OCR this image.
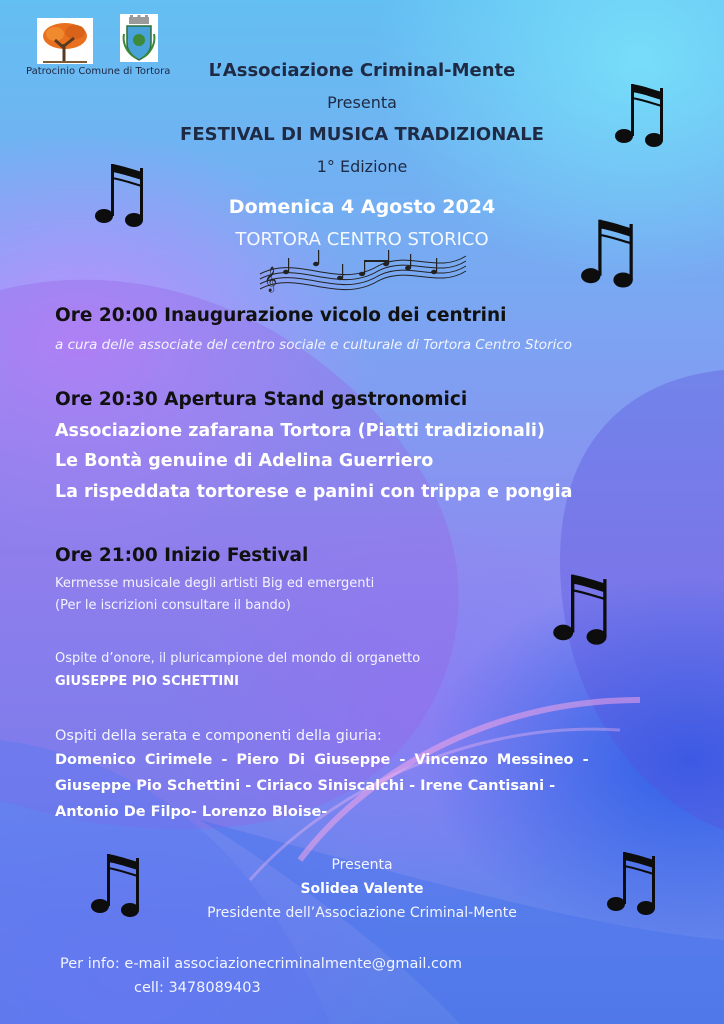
Patrocinio Comune di Tortora	L’Associazione Criminal-Mente

Presenta

FESTIVAL DI MUSICA TRADIZIONALE

1° Edizione

Domenica 4 Agosto 2024

TORTORA CENTRO STORICO

𝄞

Ore 20:00 Inaugurazione vicolo dei centrini

a cura delle associate del centro sociale e culturale di Tortora Centro Storico

Ore 20:30 Apertura Stand gastronomici

Associazione zafarana Tortora (Piatti tradizionali)

Le Bontà genuine di Adelina Guerriero

La rispeddata tortorese e panini con trippa e pongia

Ore 21:00 Inizio Festival

Kermesse musicale degli artisti Big ed emergenti

(Per le iscrizioni consultare il bando)

Ospite d’onore, il pluricampione del mondo di organetto

GIUSEPPE PIO SCHETTINI

Ospiti della serata e componenti della giuria:

Domenico Cirimele - Piero Di Giuseppe - Vincenzo Messineo -

Giuseppe Pio Schettini - Ciriaco Siniscalchi - Irene Cantisani -

Antonio De Filpo- Lorenzo Bloise-

Presenta

Solidea Valente

Presidente dell’Associazione Criminal-Mente

Per info: e-mail associazionecriminalmente@gmail.com

cell: 3478089403
